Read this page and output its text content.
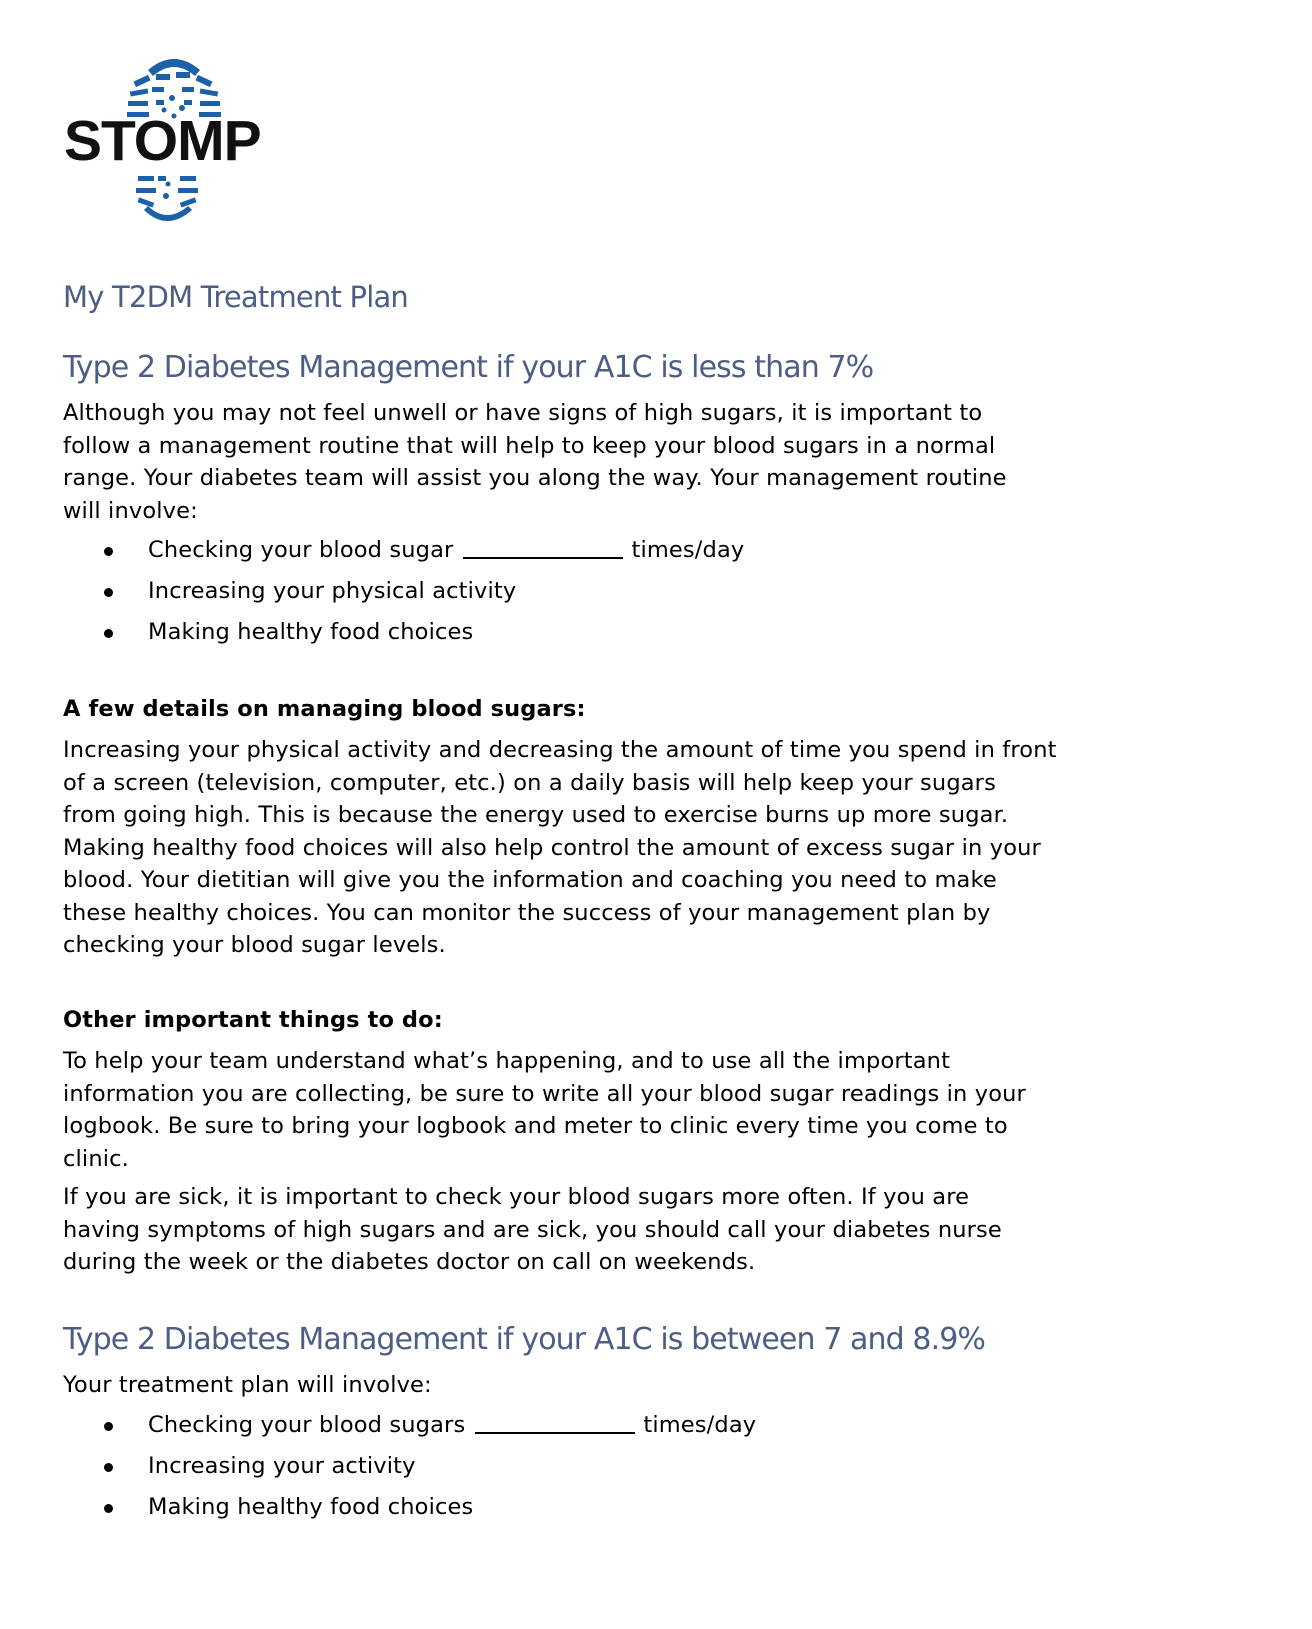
STOMP
My T2DM Treatment Plan
Type 2 Diabetes Management if your A1C is less than 7%
Although you may not feel unwell or have signs of high sugars, it is important to
follow a management routine that will help to keep your blood sugars in a normal
range. Your diabetes team will assist you along the way. Your management routine
will involve:
Checking your blood sugar	times/day
Increasing your physical activity
Making healthy food choices
A few details on managing blood sugars:
Increasing your physical activity and decreasing the amount of time you spend in front
of a screen (television, computer, etc.) on a daily basis will help keep your sugars
from going high. This is because the energy used to exercise burns up more sugar.
Making healthy food choices will also help control the amount of excess sugar in your
blood. Your dietitian will give you the information and coaching you need to make
these healthy choices. You can monitor the success of your management plan by
checking your blood sugar levels.
Other important things to do:
To help your team understand what’s happening, and to use all the important
information you are collecting, be sure to write all your blood sugar readings in your
logbook. Be sure to bring your logbook and meter to clinic every time you come to
clinic.
If you are sick, it is important to check your blood sugars more often. If you are
having symptoms of high sugars and are sick, you should call your diabetes nurse
during the week or the diabetes doctor on call on weekends.
Type 2 Diabetes Management if your A1C is between 7 and 8.9%
Your treatment plan will involve:
Checking your blood sugars	times/day
Increasing your activity
Making healthy food choices
